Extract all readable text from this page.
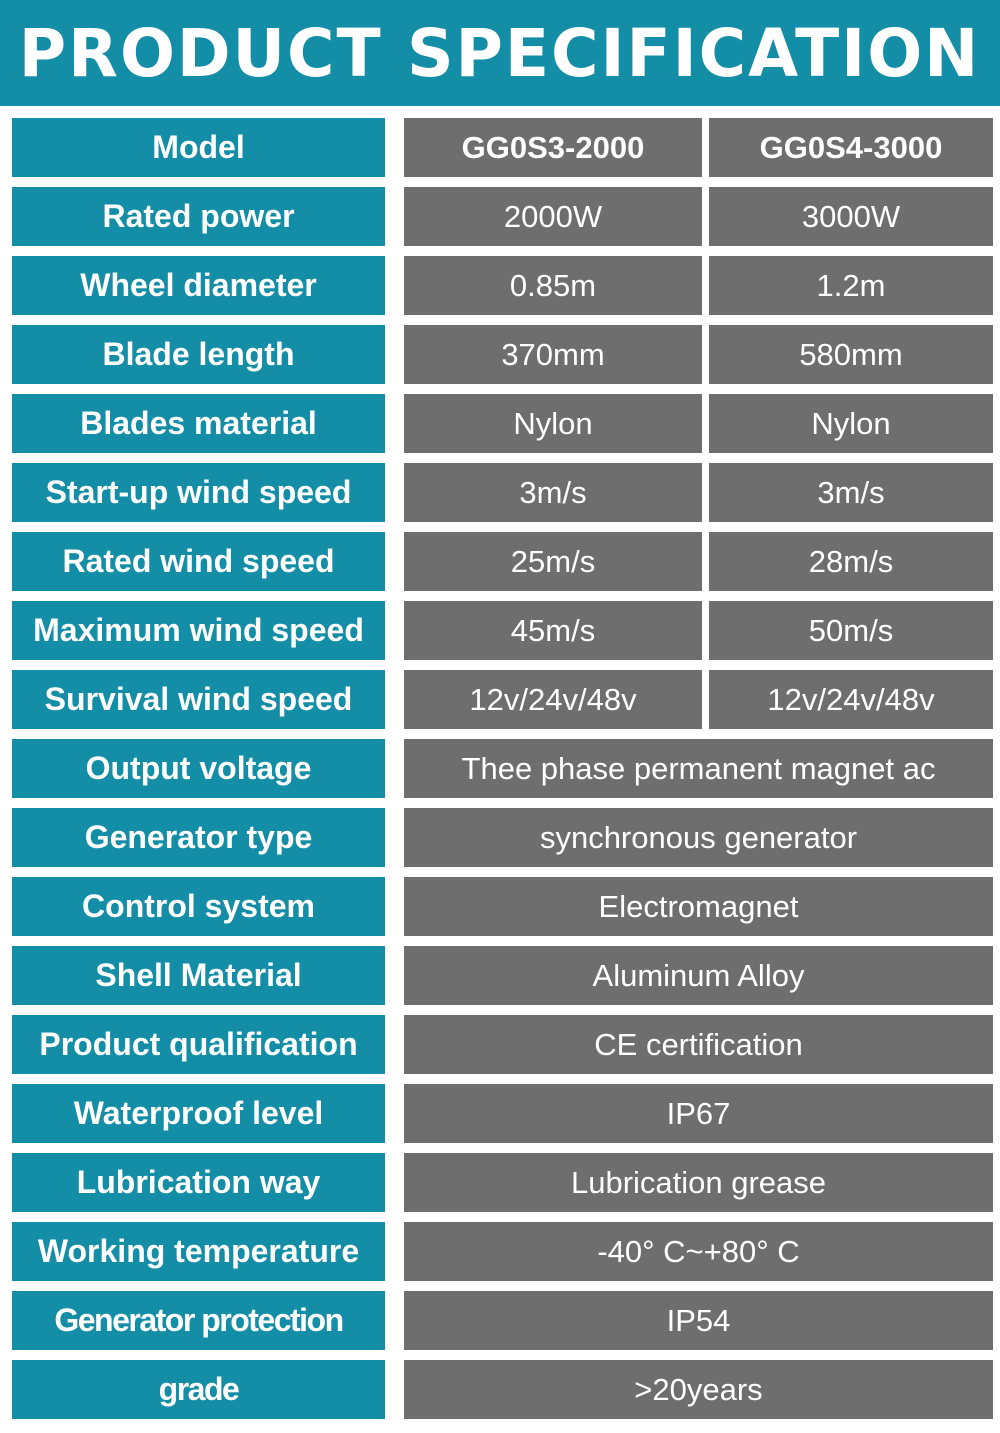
PRODUCT SPECIFICATION
Model	GG0S3-2000	GG0S4-3000
Rated power	2000W	3000W
Wheel diameter	0.85m	1.2m
Blade length	370mm	580mm
Blades material	Nylon	Nylon
Start-up wind speed	3m/s	3m/s
Rated wind speed	25m/s	28m/s
Maximum wind speed	45m/s	50m/s
Survival wind speed	12v/24v/48v	12v/24v/48v
Output voltage	Thee phase permanent magnet ac
Generator type	synchronous generator
Control system	Electromagnet
Shell Material	Aluminum Alloy
Product qualification	CE certification
Waterproof level	IP67
Lubrication way	Lubrication grease
Working temperature	-40° C~+80° C
Generator protection	IP54
grade	>20years
